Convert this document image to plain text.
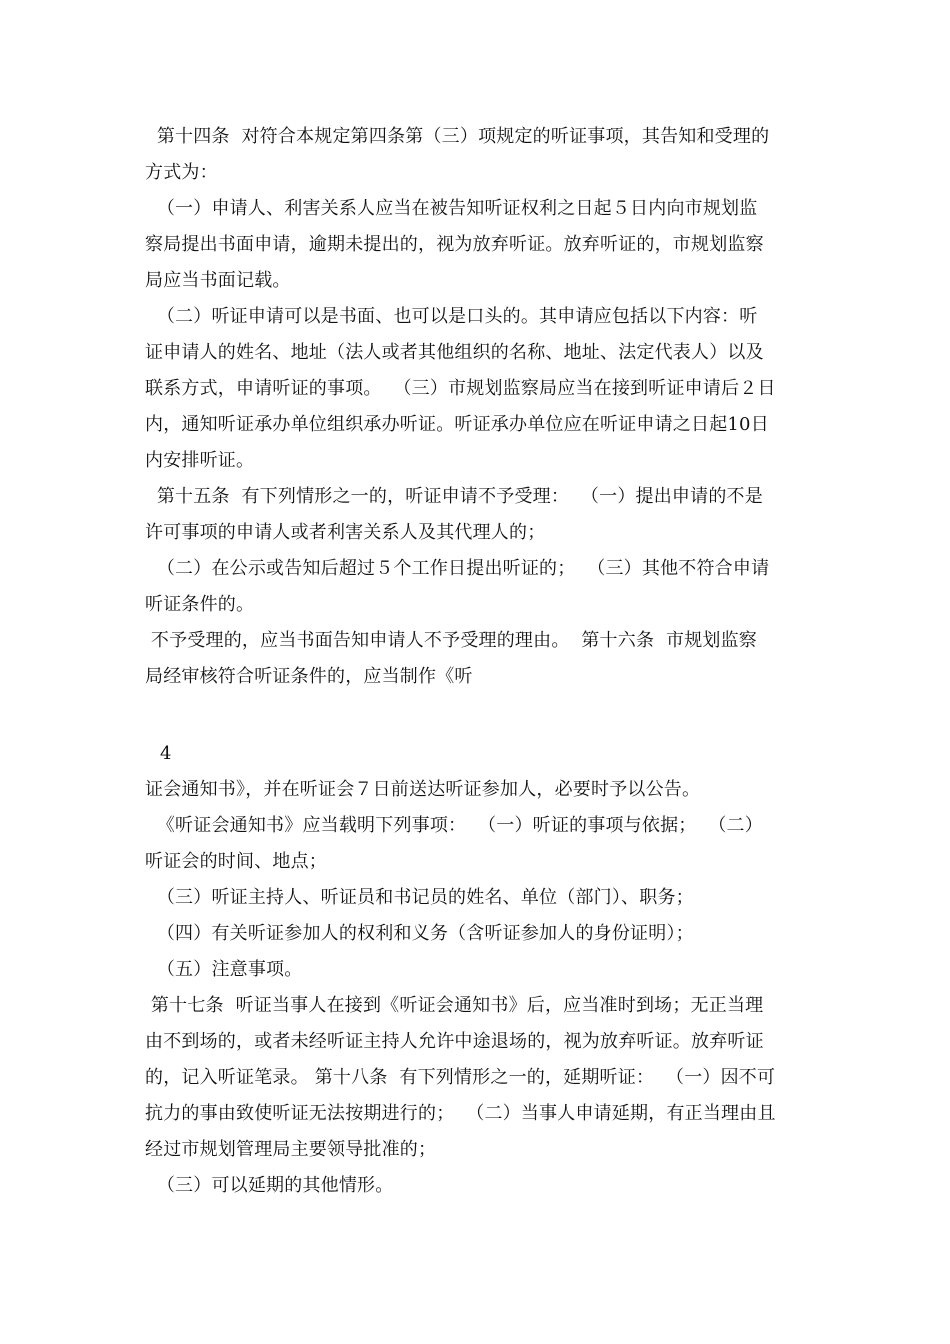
第十四条  对符合本规定第四条第（三）项规定的听证事项，其告知和受理的
方式为：
（一）申请人、利害关系人应当在被告知听证权利之日起５日内向市规划监
察局提出书面申请，逾期未提出的，视为放弃听证。放弃听证的，市规划监察
局应当书面记载。
（二）听证申请可以是书面、也可以是口头的。其申请应包括以下内容：听
证申请人的姓名、地址（法人或者其他组织的名称、地址、法定代表人）以及
联系方式，申请听证的事项。  （三）市规划监察局应当在接到听证申请后２日
内，通知听证承办单位组织承办听证。听证承办单位应在听证申请之日起10日
内安排听证。
第十五条  有下列情形之一的，听证申请不予受理：  （一）提出申请的不是
许可事项的申请人或者利害关系人及其代理人的；
（二）在公示或告知后超过５个工作日提出听证的；  （三）其他不符合申请
听证条件的。
不予受理的，应当书面告知申请人不予受理的理由。  第十六条  市规划监察
局经审核符合听证条件的，应当制作《听
4
证会通知书》，并在听证会７日前送达听证参加人，必要时予以公告。
《听证会通知书》应当载明下列事项：  （一）听证的事项与依据；  （二）
听证会的时间、地点；
（三）听证主持人、听证员和书记员的姓名、单位（部门）、职务；
（四）有关听证参加人的权利和义务（含听证参加人的身份证明）；
（五）注意事项。
第十七条  听证当事人在接到《听证会通知书》后，应当准时到场；无正当理
由不到场的，或者未经听证主持人允许中途退场的，视为放弃听证。放弃听证
的，记入听证笔录。 第十八条  有下列情形之一的，延期听证：  （一）因不可
抗力的事由致使听证无法按期进行的；  （二）当事人申请延期，有正当理由且
经过市规划管理局主要领导批准的；
（三）可以延期的其他情形。
